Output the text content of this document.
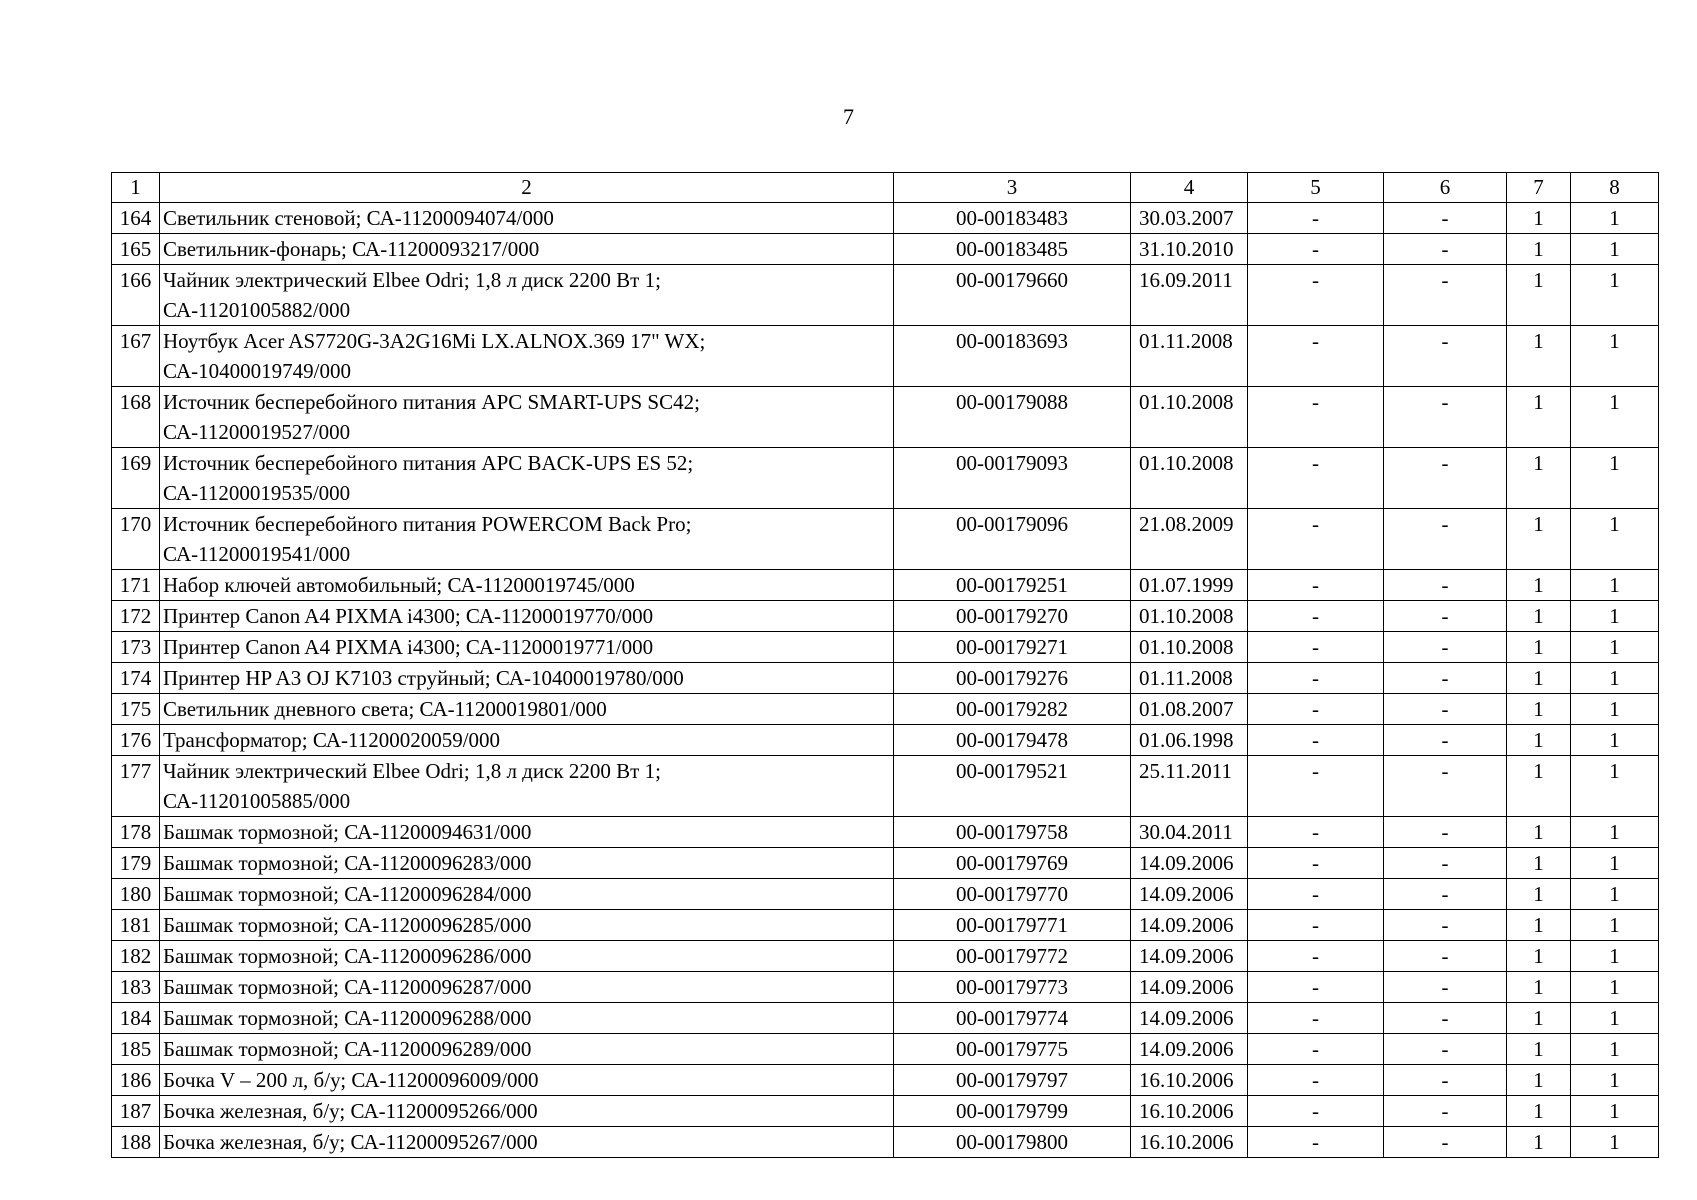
7
1	2	3	4	5	6	7	8
164	Светильник стеновой; СА-11200094074/000	00-00183483	30.03.2007	-	-	1	1
165	Светильник-фонарь; СА-11200093217/000	00-00183485	31.10.2010	-	-	1	1
166	Чайник электрический Elbee Odri; 1,8 л диск 2200 Вт 1;
СА-11201005882/000	00-00179660	16.09.2011	-	-	1	1
167	Ноутбук Acer AS7720G-3A2G16Mi LX.ALNOX.369 17" WX;
СА-10400019749/000	00-00183693	01.11.2008	-	-	1	1
168	Источник бесперебойного питания APC SMART-UPS SC42;
СА-11200019527/000	00-00179088	01.10.2008	-	-	1	1
169	Источник бесперебойного питания APC BACK-UPS ES 52;
СА-11200019535/000	00-00179093	01.10.2008	-	-	1	1
170	Источник бесперебойного питания POWERCOM Back Pro;
СА-11200019541/000	00-00179096	21.08.2009	-	-	1	1
171	Набор ключей автомобильный; СА-11200019745/000	00-00179251	01.07.1999	-	-	1	1
172	Принтер Canon A4 PIXMA i4300; СА-11200019770/000	00-00179270	01.10.2008	-	-	1	1
173	Принтер Canon A4 PIXMA i4300; СА-11200019771/000	00-00179271	01.10.2008	-	-	1	1
174	Принтер HP A3 OJ K7103 струйный; СА-10400019780/000	00-00179276	01.11.2008	-	-	1	1
175	Светильник дневного света; СА-11200019801/000	00-00179282	01.08.2007	-	-	1	1
176	Трансформатор; СА-11200020059/000	00-00179478	01.06.1998	-	-	1	1
177	Чайник электрический Elbee Odri; 1,8 л диск 2200 Вт 1;
СА-11201005885/000	00-00179521	25.11.2011	-	-	1	1
178	Башмак тормозной; СА-11200094631/000	00-00179758	30.04.2011	-	-	1	1
179	Башмак тормозной; СА-11200096283/000	00-00179769	14.09.2006	-	-	1	1
180	Башмак тормозной; СА-11200096284/000	00-00179770	14.09.2006	-	-	1	1
181	Башмак тормозной; СА-11200096285/000	00-00179771	14.09.2006	-	-	1	1
182	Башмак тормозной; СА-11200096286/000	00-00179772	14.09.2006	-	-	1	1
183	Башмак тормозной; СА-11200096287/000	00-00179773	14.09.2006	-	-	1	1
184	Башмак тормозной; СА-11200096288/000	00-00179774	14.09.2006	-	-	1	1
185	Башмак тормозной; СА-11200096289/000	00-00179775	14.09.2006	-	-	1	1
186	Бочка V – 200 л, б/у; СА-11200096009/000	00-00179797	16.10.2006	-	-	1	1
187	Бочка железная, б/у; СА-11200095266/000	00-00179799	16.10.2006	-	-	1	1
188	Бочка железная, б/у; СА-11200095267/000	00-00179800	16.10.2006	-	-	1	1
